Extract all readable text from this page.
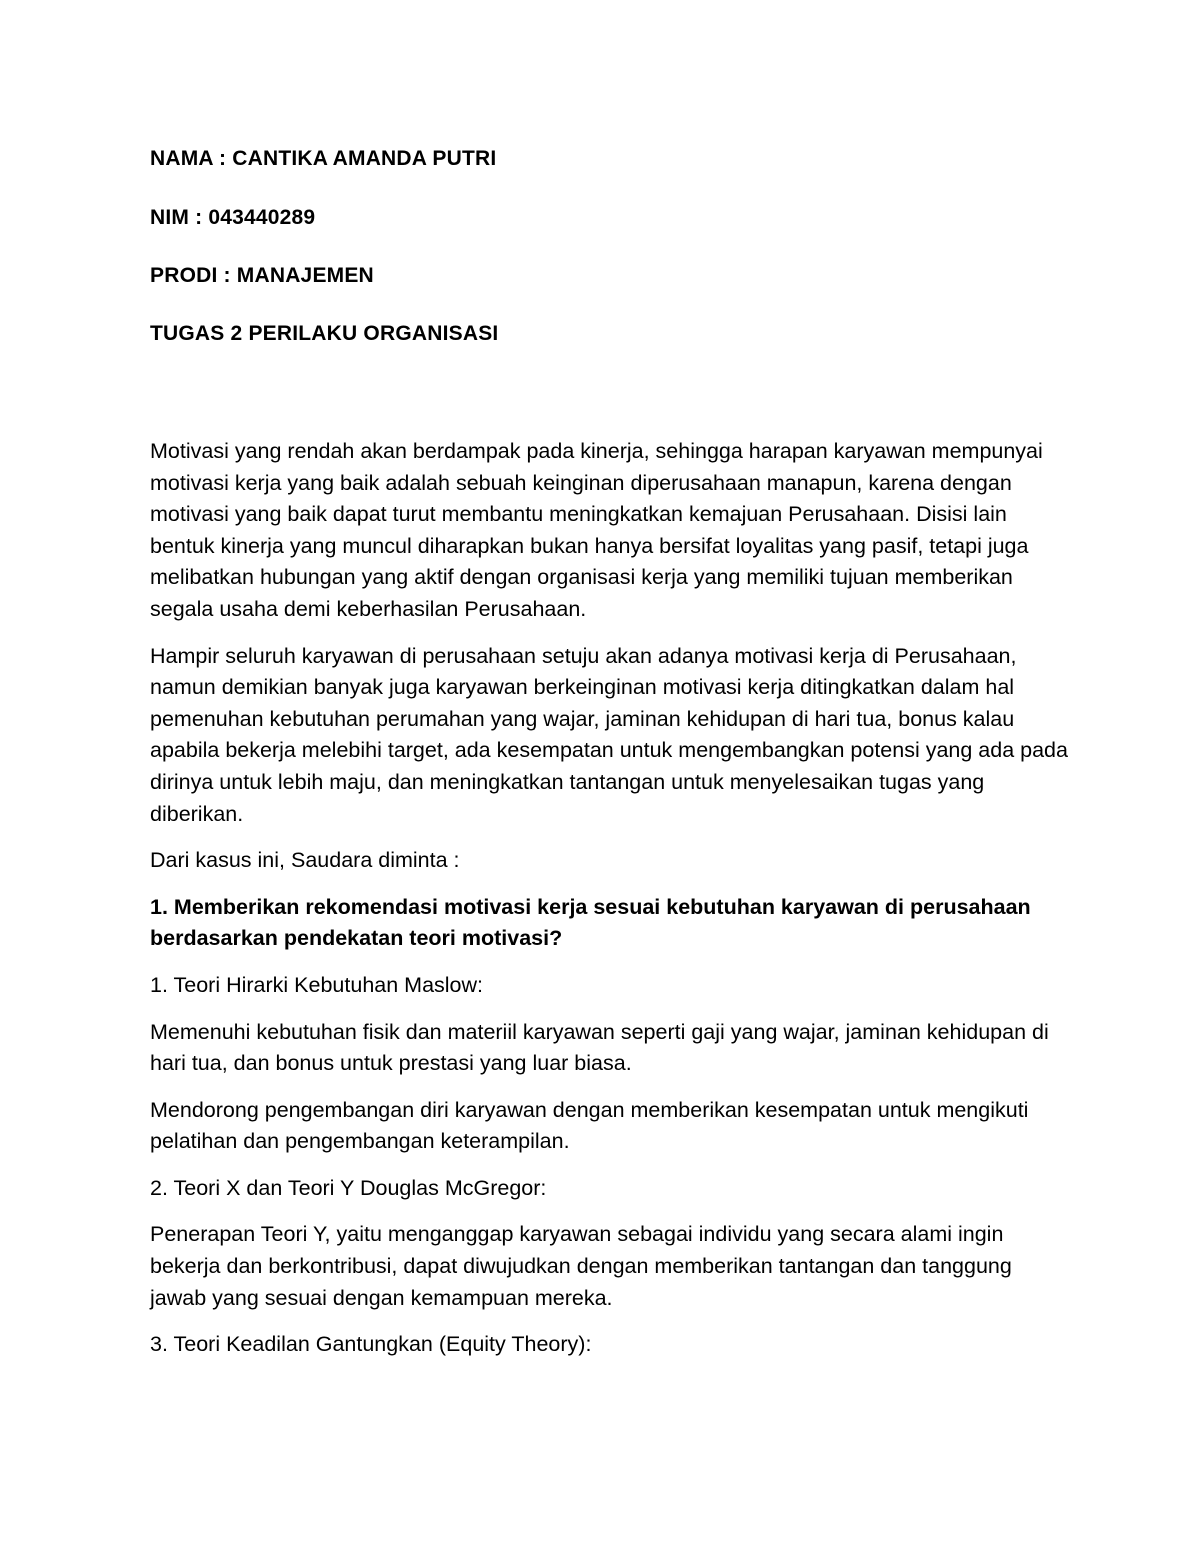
NAMA : CANTIKA AMANDA PUTRI
NIM : 043440289
PRODI : MANAJEMEN
TUGAS 2 PERILAKU ORGANISASI

Motivasi yang rendah akan berdampak pada kinerja, sehingga harapan karyawan mempunyai motivasi kerja yang baik adalah sebuah keinginan diperusahaan manapun, karena dengan motivasi yang baik dapat turut membantu meningkatkan kemajuan Perusahaan. Disisi lain bentuk kinerja yang muncul diharapkan bukan hanya bersifat loyalitas yang pasif, tetapi juga melibatkan hubungan yang aktif dengan organisasi kerja yang memiliki tujuan memberikan segala usaha demi keberhasilan Perusahaan.

Hampir seluruh karyawan di perusahaan setuju akan adanya motivasi kerja di Perusahaan, namun demikian banyak juga karyawan berkeinginan motivasi kerja ditingkatkan dalam hal pemenuhan kebutuhan perumahan yang wajar, jaminan kehidupan di hari tua, bonus kalau apabila bekerja melebihi target, ada kesempatan untuk mengembangkan potensi yang ada pada dirinya untuk lebih maju, dan meningkatkan tantangan untuk menyelesaikan tugas yang diberikan.

Dari kasus ini, Saudara diminta :

1. Memberikan rekomendasi motivasi kerja sesuai kebutuhan karyawan di perusahaan berdasarkan pendekatan teori motivasi?

1. Teori Hirarki Kebutuhan Maslow:

Memenuhi kebutuhan fisik dan materiil karyawan seperti gaji yang wajar, jaminan kehidupan di hari tua, dan bonus untuk prestasi yang luar biasa.

Mendorong pengembangan diri karyawan dengan memberikan kesempatan untuk mengikuti pelatihan dan pengembangan keterampilan.

2. Teori X dan Teori Y Douglas McGregor:

Penerapan Teori Y, yaitu menganggap karyawan sebagai individu yang secara alami ingin bekerja dan berkontribusi, dapat diwujudkan dengan memberikan tantangan dan tanggung jawab yang sesuai dengan kemampuan mereka.

3. Teori Keadilan Gantungkan (Equity Theory):
